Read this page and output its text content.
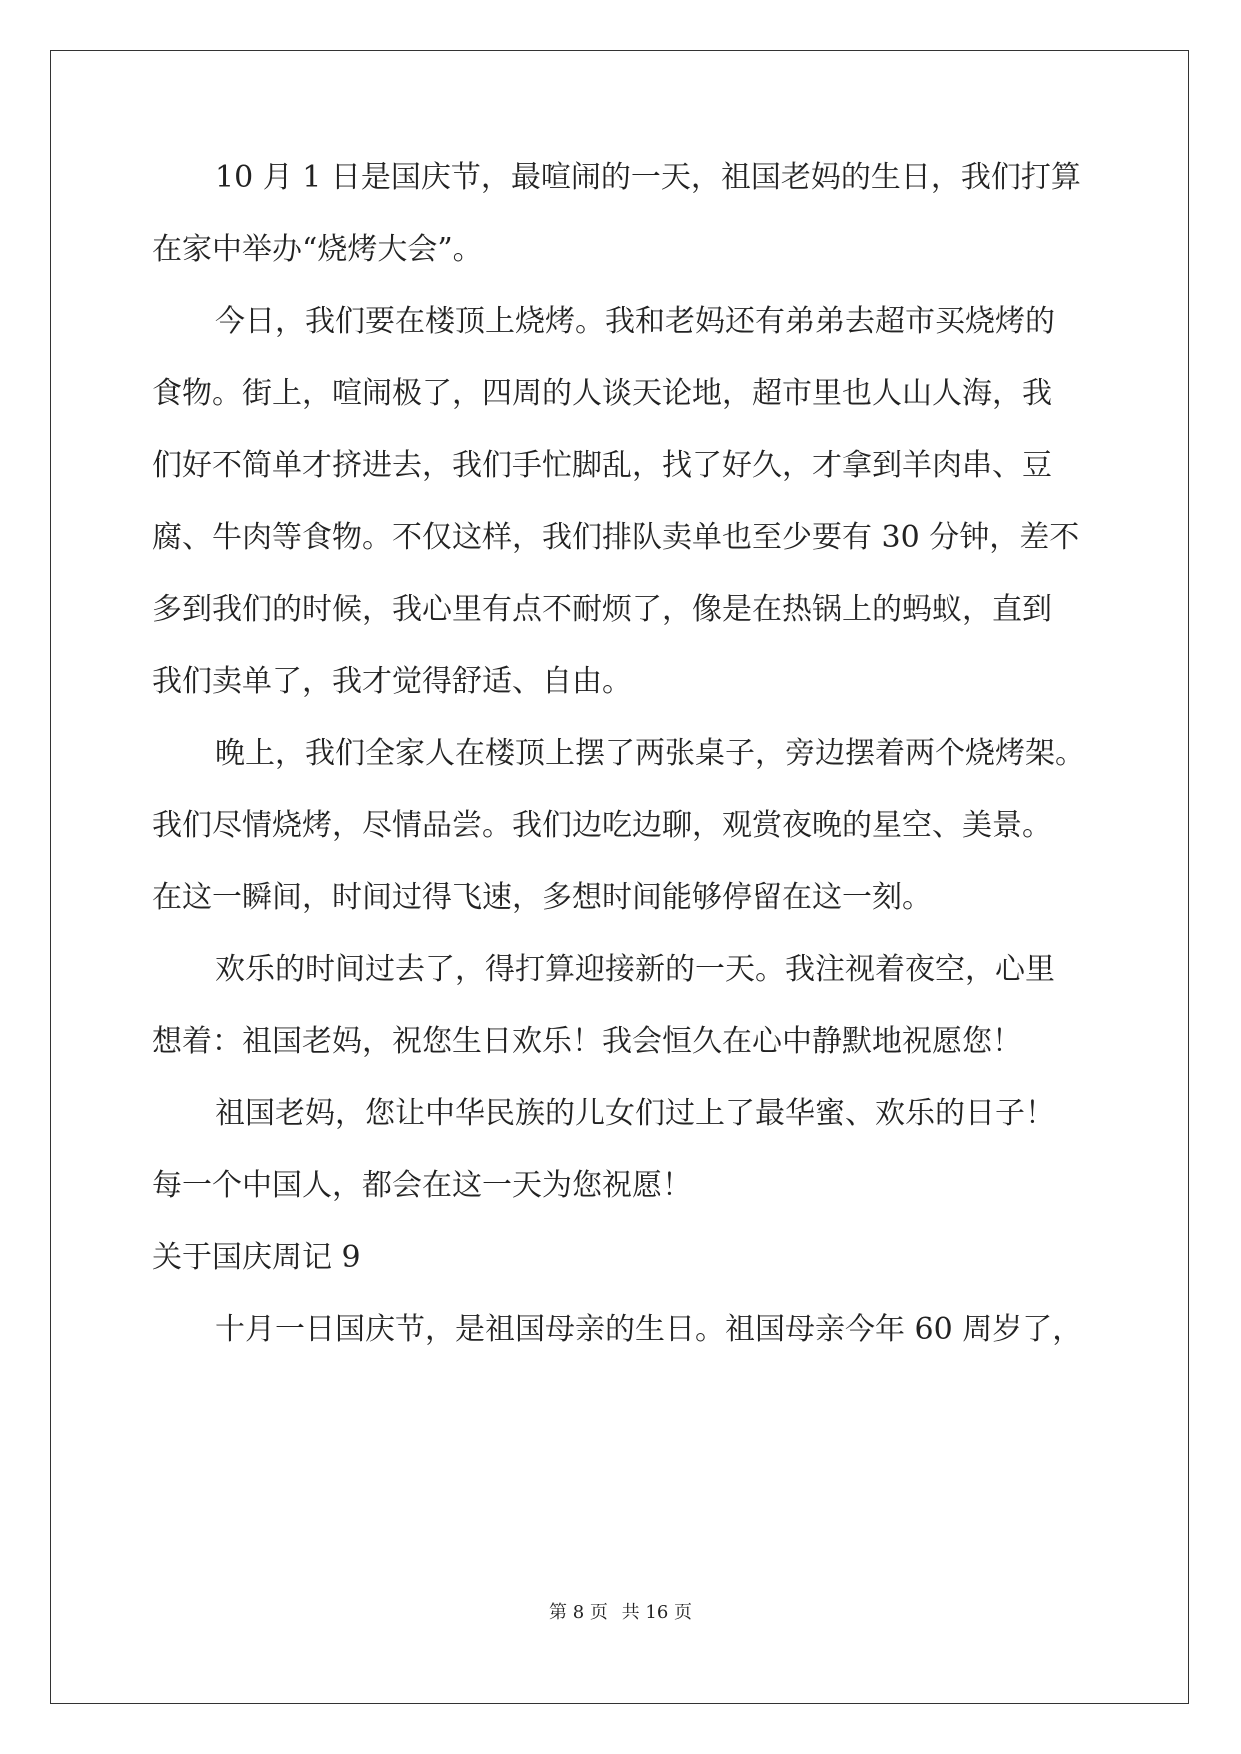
10 月 1 日是国庆节，最喧闹的一天，祖国老妈的生日，我们打算
在家中举办“烧烤大会”。
今日，我们要在楼顶上烧烤。我和老妈还有弟弟去超市买烧烤的
食物。街上，喧闹极了，四周的人谈天论地，超市里也人山人海，我
们好不简单才挤进去，我们手忙脚乱，找了好久，才拿到羊肉串、豆
腐、牛肉等食物。不仅这样，我们排队卖单也至少要有 30 分钟，差不
多到我们的时候，我心里有点不耐烦了，像是在热锅上的蚂蚁，直到
我们卖单了，我才觉得舒适、自由。
晚上，我们全家人在楼顶上摆了两张桌子，旁边摆着两个烧烤架。
我们尽情烧烤，尽情品尝。我们边吃边聊，观赏夜晚的星空、美景。
在这一瞬间，时间过得飞速，多想时间能够停留在这一刻。
欢乐的时间过去了，得打算迎接新的一天。我注视着夜空，心里
想着：祖国老妈，祝您生日欢乐！我会恒久在心中静默地祝愿您！
祖国老妈，您让中华民族的儿女们过上了最华蜜、欢乐的日子！
每一个中国人，都会在这一天为您祝愿！
关于国庆周记 9
十月一日国庆节，是祖国母亲的生日。祖国母亲今年 60 周岁了，
第 8 页 共 16 页
